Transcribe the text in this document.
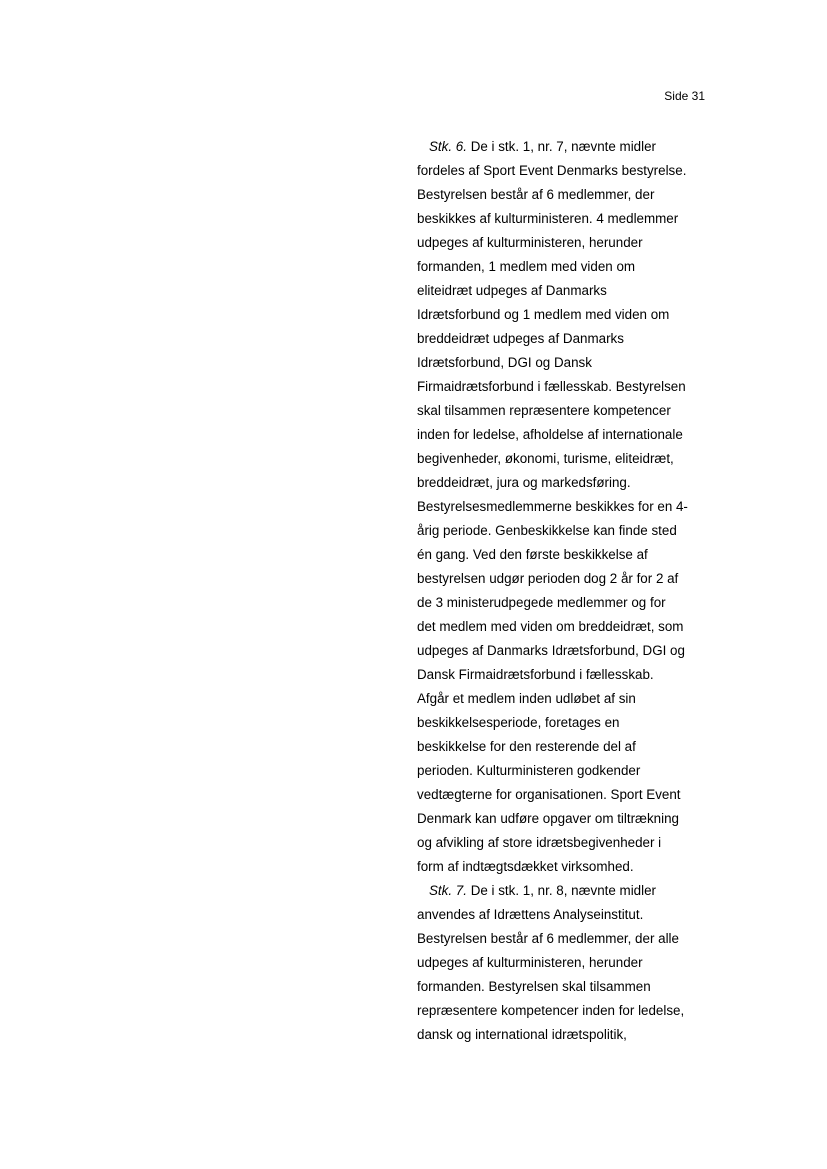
Side 31
Stk. 6. De i stk. 1, nr. 7, nævnte midler
fordeles af Sport Event Denmarks bestyrelse.
Bestyrelsen består af 6 medlemmer, der
beskikkes af kulturministeren. 4 medlemmer
udpeges af kulturministeren, herunder
formanden, 1 medlem med viden om
eliteidræt udpeges af Danmarks
Idrætsforbund og 1 medlem med viden om
breddeidræt udpeges af Danmarks
Idrætsforbund, DGI og Dansk
Firmaidrætsforbund i fællesskab. Bestyrelsen
skal tilsammen repræsentere kompetencer
inden for ledelse, afholdelse af internationale
begivenheder, økonomi, turisme, eliteidræt,
breddeidræt, jura og markedsføring.
Bestyrelsesmedlemmerne beskikkes for en 4-
årig periode. Genbeskikkelse kan finde sted
én gang. Ved den første beskikkelse af
bestyrelsen udgør perioden dog 2 år for 2 af
de 3 ministerudpegede medlemmer og for
det medlem med viden om breddeidræt, som
udpeges af Danmarks Idrætsforbund, DGI og
Dansk Firmaidrætsforbund i fællesskab.
Afgår et medlem inden udløbet af sin
beskikkelsesperiode, foretages en
beskikkelse for den resterende del af
perioden. Kulturministeren godkender
vedtægterne for organisationen. Sport Event
Denmark kan udføre opgaver om tiltrækning
og afvikling af store idrætsbegivenheder i
form af indtægtsdækket virksomhed.
Stk. 7. De i stk. 1, nr. 8, nævnte midler
anvendes af Idrættens Analyseinstitut.
Bestyrelsen består af 6 medlemmer, der alle
udpeges af kulturministeren, herunder
formanden. Bestyrelsen skal tilsammen
repræsentere kompetencer inden for ledelse,
dansk og international idrætspolitik,
